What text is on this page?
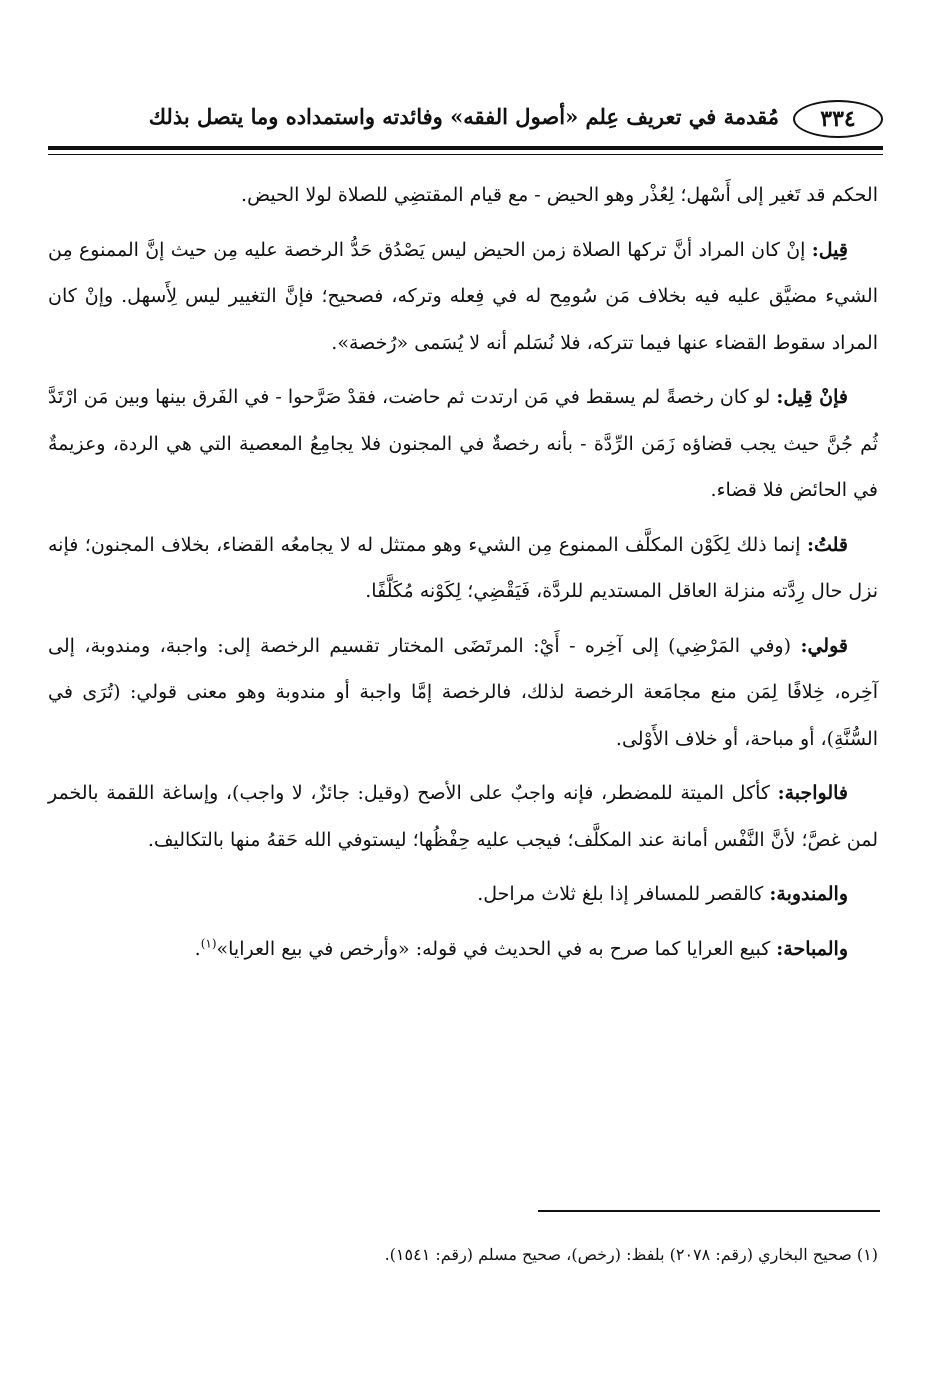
٣٣٤
مُقدمة في تعريف عِلم «أصول الفقه» وفائدته واستمداده وما يتصل بذلك

الحكم قد تَغير إلى أَسْهل؛ لِعُذْر وهو الحيض - مع قيام المقتضِي للصلاة لولا الحيض.

قِيل: إنْ كان المراد أنَّ تركها الصلاة زمن الحيض ليس يَصْدُق حَدُّ الرخصة عليه مِن حيث إنَّ الممنوع مِن الشيء مضيَّق عليه فيه بخلاف مَن سُومِح له في فِعله وتركه، فصحيح؛ فإنَّ التغيير ليس لِأَسهل. وإنْ كان المراد سقوط القضاء عنها فيما تتركه، فلا نُسَلم أنه لا يُسَمى «رُخصة».

فإنْ قِيل: لو كان رخصةً لم يسقط في مَن ارتدت ثم حاضت، فقدْ صَرَّحوا - في الفَرق بينها وبين مَن ارْتَدَّ ثُم جُنَّ حيث يجب قضاؤه زَمَن الرِّدَّة - بأنه رخصةٌ في المجنون فلا يجامِعُ المعصية التي هي الردة، وعزيمةٌ في الحائض فلا قضاء.

قلتُ: إنما ذلك لِكَوْن المكلَّف الممنوع مِن الشيء وهو ممتثل له لا يجامعُه القضاء، بخلاف المجنون؛ فإنه نزل حال رِدَّته منزلة العاقل المستديم للردَّة، فَيَقْضِي؛ لِكَوْنه مُكَلَّفًا.

قولي: (وفي المَرْضِي) إلى آخِره - أَيْ: المرتَضَى المختار تقسيم الرخصة إلى: واجبة، ومندوبة، إلى آخِره، خِلافًا لِمَن منع مجامَعة الرخصة لذلك، فالرخصة إمَّا واجبة أو مندوبة وهو معنى قولي: (تُرَى في السُّنَّةِ)، أو مباحة، أو خلاف الأَوْلى.

فالواجبة: كأكل الميتة للمضطر، فإنه واجبٌ على الأصح (وقيل: جائزٌ، لا واجب)، وإساغة اللقمة بالخمر لمن غصَّ؛ لأنَّ النَّفْس أمانة عند المكلَّف؛ فيجب عليه حِفْظُها؛ ليستوفي الله حَقهُ منها بالتكاليف.

والمندوبة: كالقصر للمسافر إذا بلغ ثلاث مراحل.

والمباحة: كبيع العرايا كما صرح به في الحديث في قوله: «وأرخص في بيع العرايا»$^{(١)}$.

(١) صحيح البخاري (رقم: ٢٠٧٨) بلفظ: (رخص)، صحيح مسلم (رقم: ١٥٤١).
